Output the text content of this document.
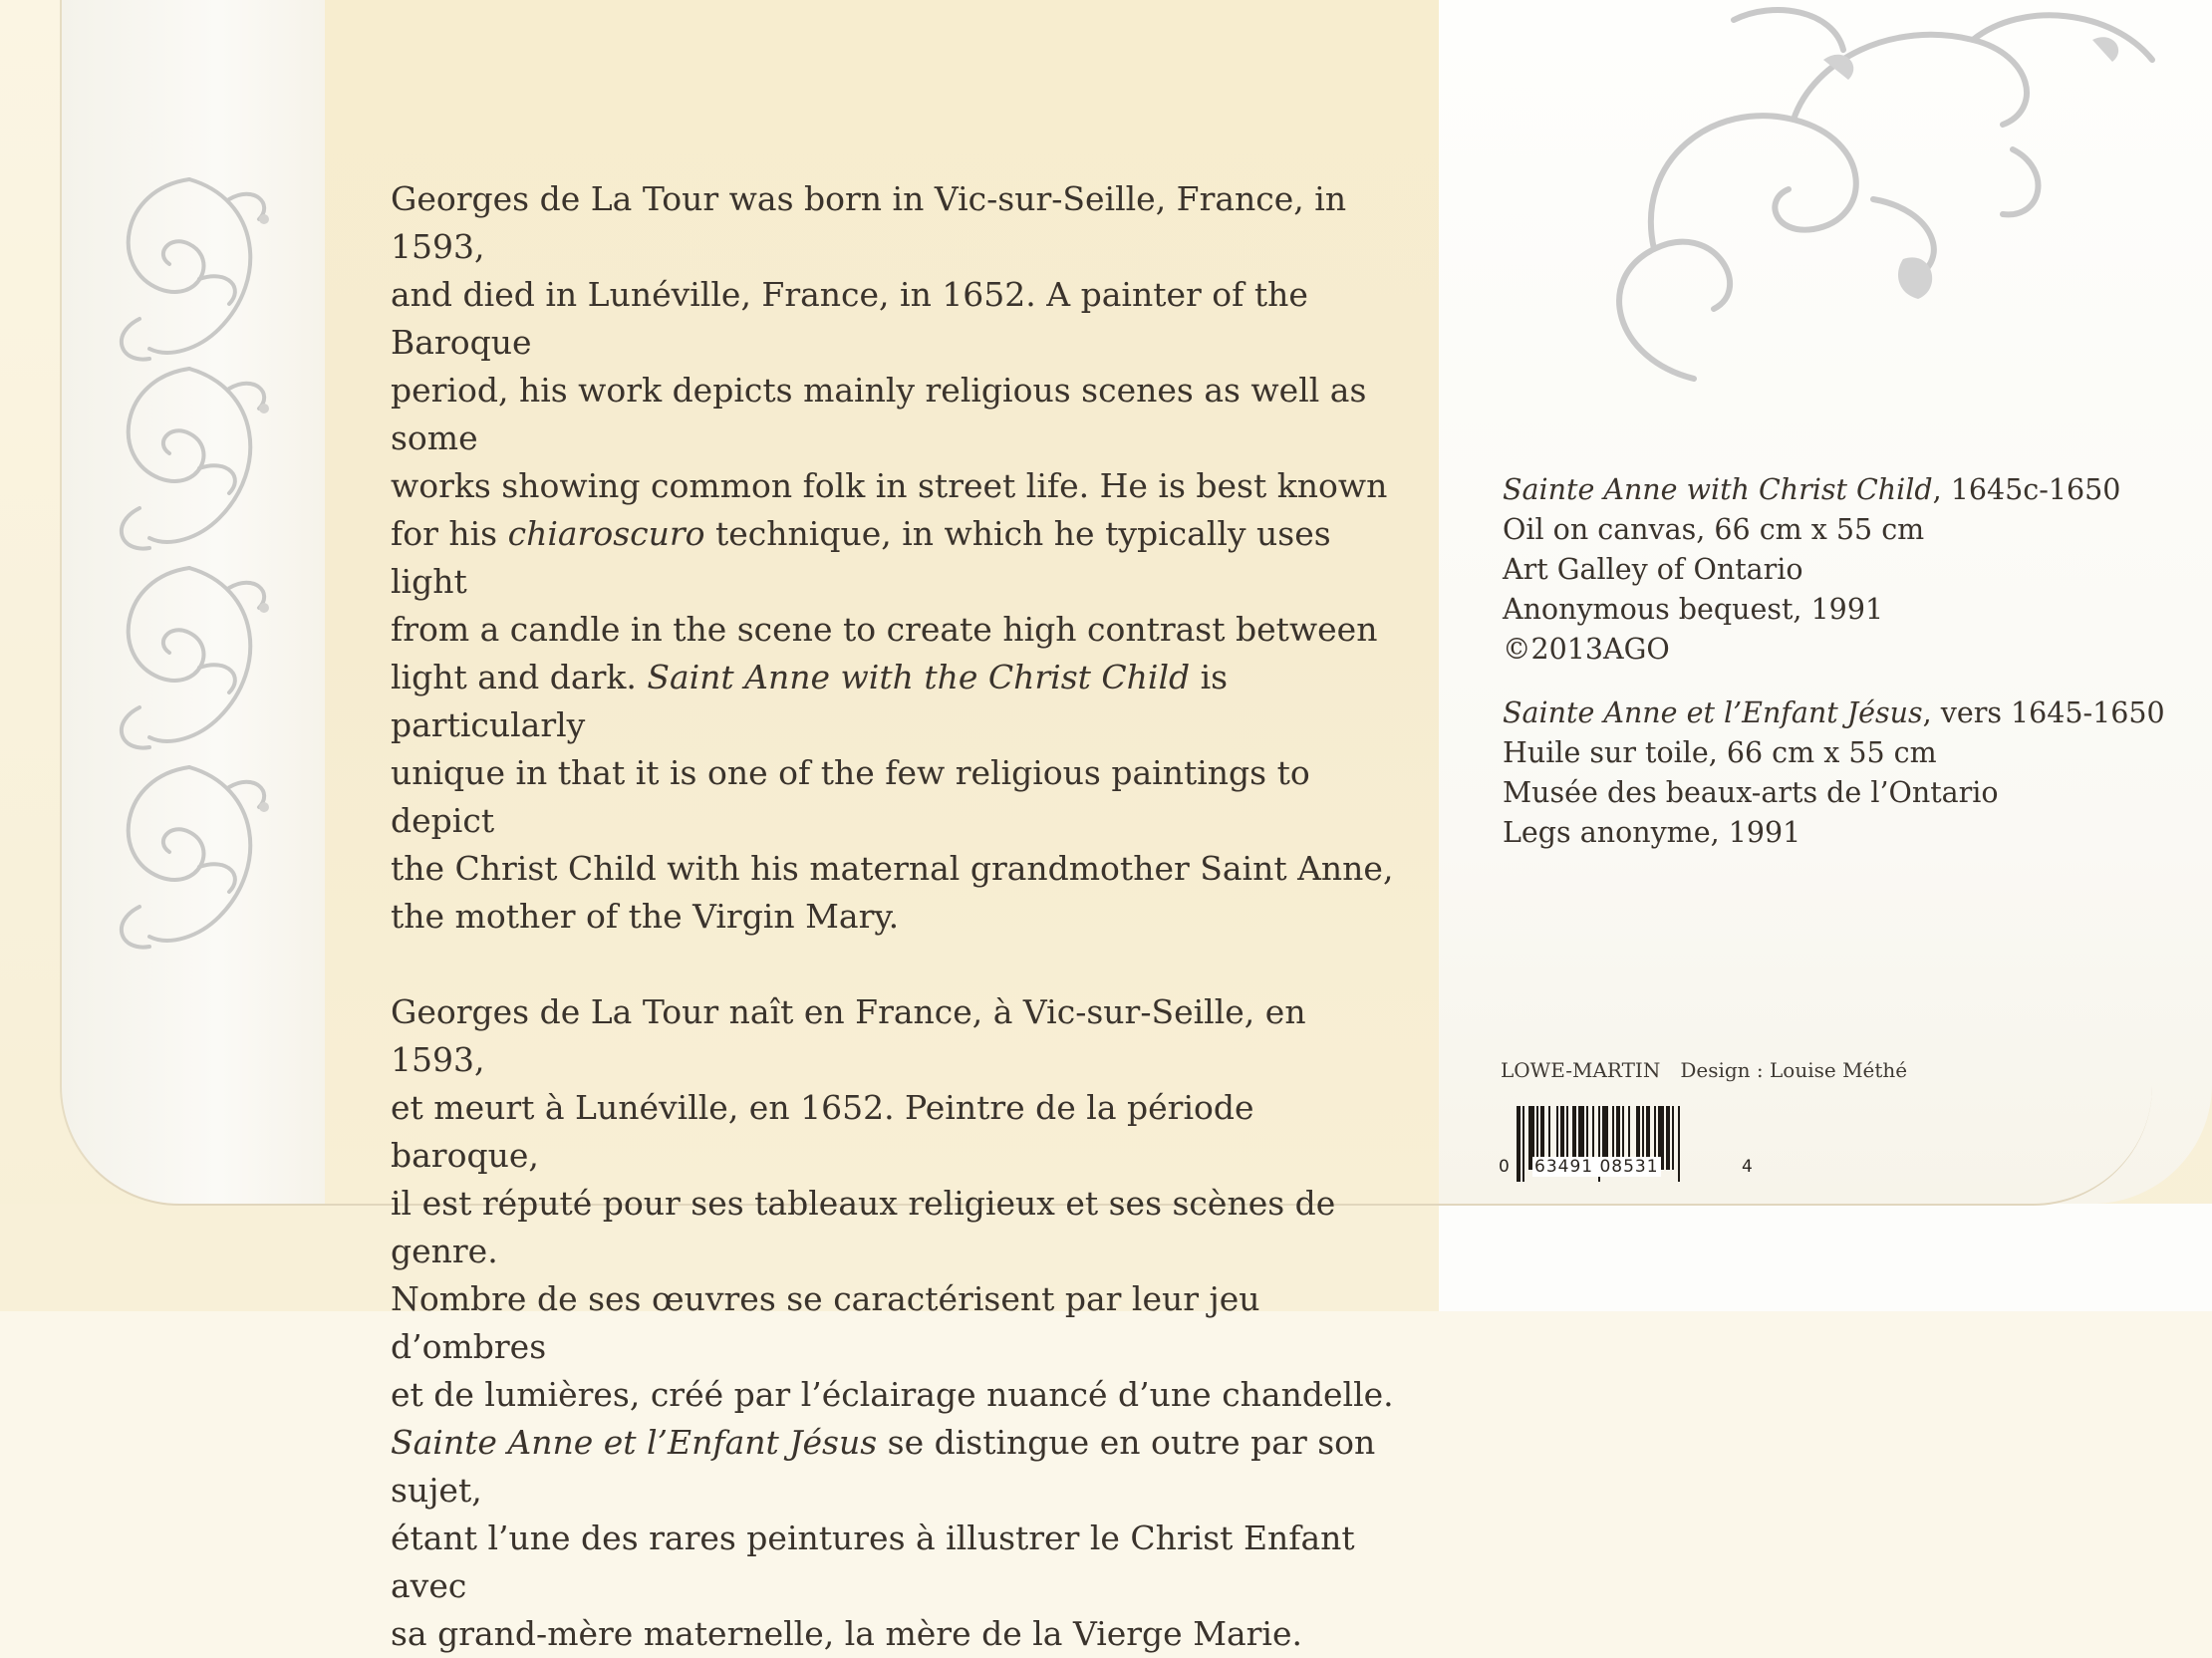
Georges de La Tour was born in Vic-sur-Seille, France, in 1593,
and died in Lunéville, France, in 1652. A painter of the Baroque
period, his work depicts mainly religious scenes as well as some
works showing common folk in street life. He is best known
for his chiaroscuro technique, in which he typically uses light
from a candle in the scene to create high contrast between
light and dark. Saint Anne with the Christ Child is particularly
unique in that it is one of the few religious paintings to depict
the Christ Child with his maternal grandmother Saint Anne,
the mother of the Virgin Mary.

Georges de La Tour naît en France, à Vic-sur-Seille, en 1593,
et meurt à Lunéville, en 1652. Peintre de la période baroque,
il est réputé pour ses tableaux religieux et ses scènes de genre.
Nombre de ses œuvres se caractérisent par leur jeu d’ombres
et de lumières, créé par l’éclairage nuancé d’une chandelle.
Sainte Anne et l’Enfant Jésus se distingue en outre par son sujet,
étant l’une des rares peintures à illustrer le Christ Enfant avec
sa grand-mère maternelle, la mère de la Vierge Marie.

Sainte Anne with Christ Child, 1645c-1650
Oil on canvas, 66 cm x 55 cm
Art Galley of Ontario
Anonymous bequest, 1991
©2013AGO
Sainte Anne et l’Enfant Jésus, vers 1645-1650
Huile sur toile, 66 cm x 55 cm
Musée des beaux-arts de l’Ontario
Legs anonyme, 1991
LOWE-MARTIN Design : Louise Méthé
0 63491 08531	4
